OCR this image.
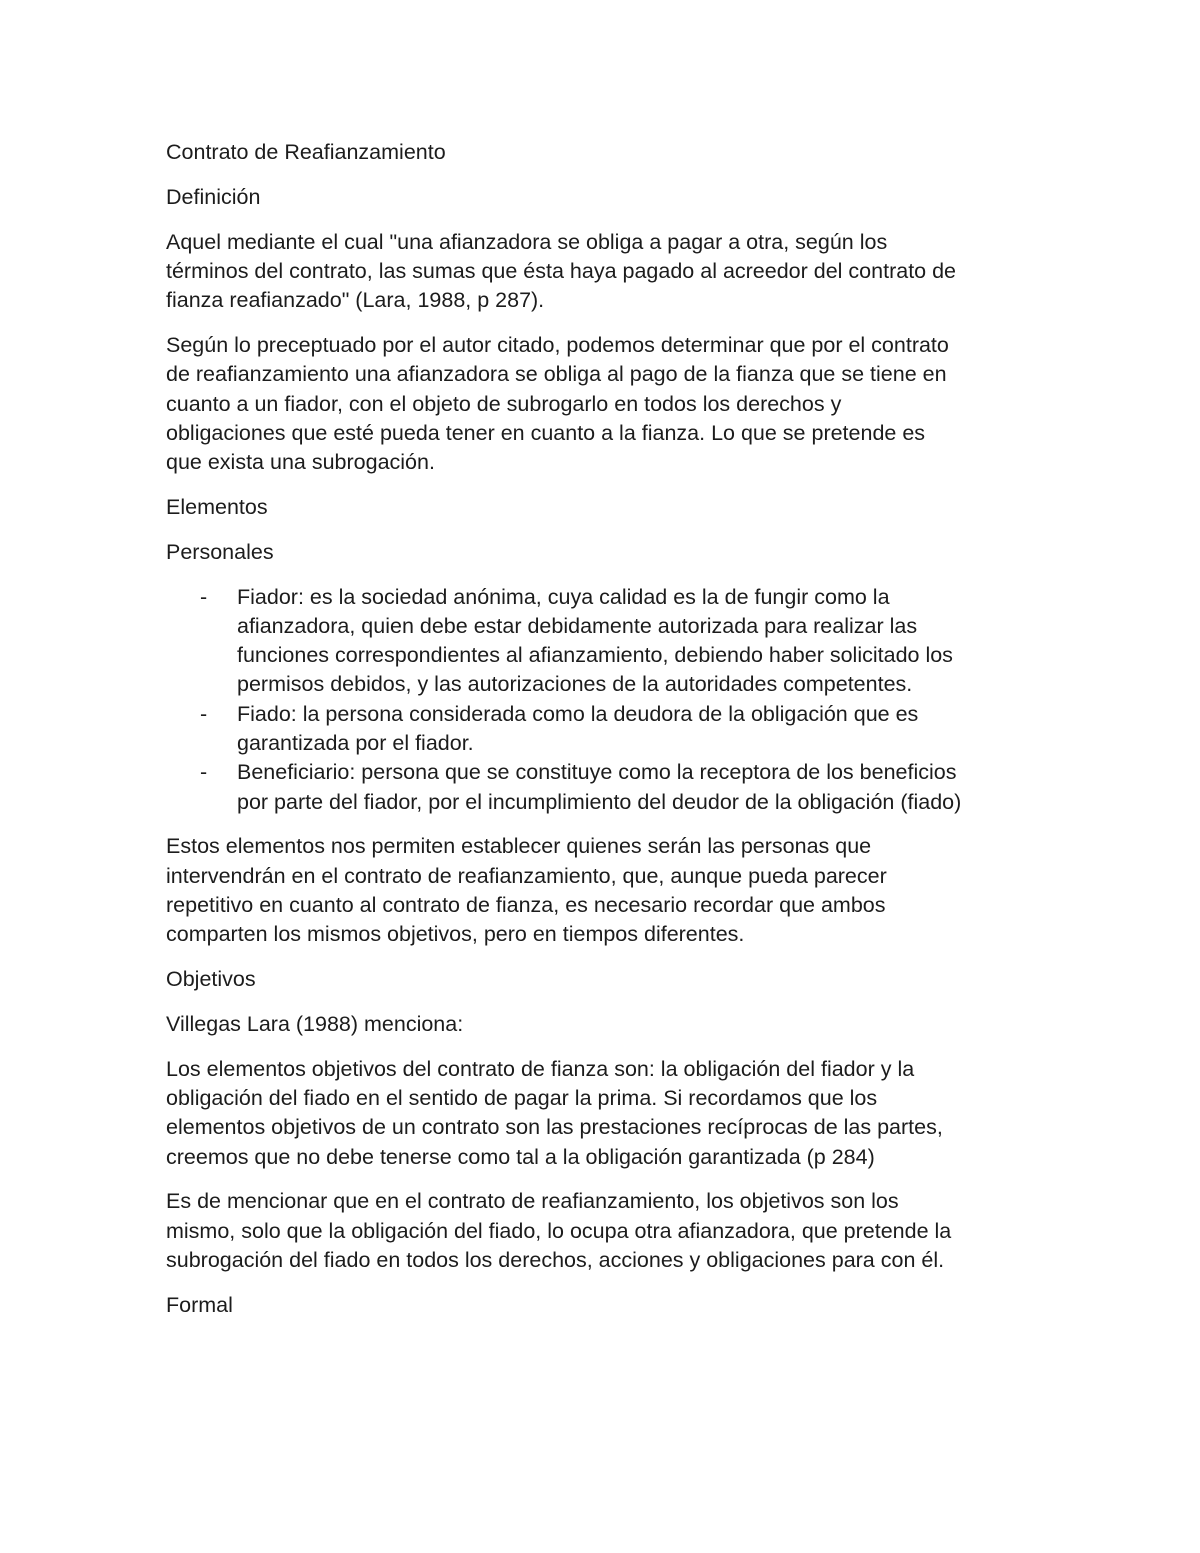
Contrato de Reafianzamiento

Definición

Aquel mediante el cual "una afianzadora se obliga a pagar a otra, según los
términos del contrato, las sumas que ésta haya pagado al acreedor del contrato de
fianza reafianzado" (Lara, 1988, p 287).

Según lo preceptuado por el autor citado, podemos determinar que por el contrato
de reafianzamiento una afianzadora se obliga al pago de la fianza que se tiene en
cuanto a un fiador, con el objeto de subrogarlo en todos los derechos y
obligaciones que esté pueda tener en cuanto a la fianza. Lo que se pretende es
que exista una subrogación.

Elementos

Personales

- Fiador: es la sociedad anónima, cuya calidad es la de fungir como la
afianzadora, quien debe estar debidamente autorizada para realizar las
funciones correspondientes al afianzamiento, debiendo haber solicitado los
permisos debidos, y las autorizaciones de la autoridades competentes.
- Fiado: la persona considerada como la deudora de la obligación que es
garantizada por el fiador.
- Beneficiario: persona que se constituye como la receptora de los beneficios
por parte del fiador, por el incumplimiento del deudor de la obligación (fiado)

Estos elementos nos permiten establecer quienes serán las personas que
intervendrán en el contrato de reafianzamiento, que, aunque pueda parecer
repetitivo en cuanto al contrato de fianza, es necesario recordar que ambos
comparten los mismos objetivos, pero en tiempos diferentes.

Objetivos

Villegas Lara (1988) menciona:

Los elementos objetivos del contrato de fianza son: la obligación del fiador y la
obligación del fiado en el sentido de pagar la prima. Si recordamos que los
elementos objetivos de un contrato son las prestaciones recíprocas de las partes,
creemos que no debe tenerse como tal a la obligación garantizada (p 284)

Es de mencionar que en el contrato de reafianzamiento, los objetivos son los
mismo, solo que la obligación del fiado, lo ocupa otra afianzadora, que pretende la
subrogación del fiado en todos los derechos, acciones y obligaciones para con él.

Formal
